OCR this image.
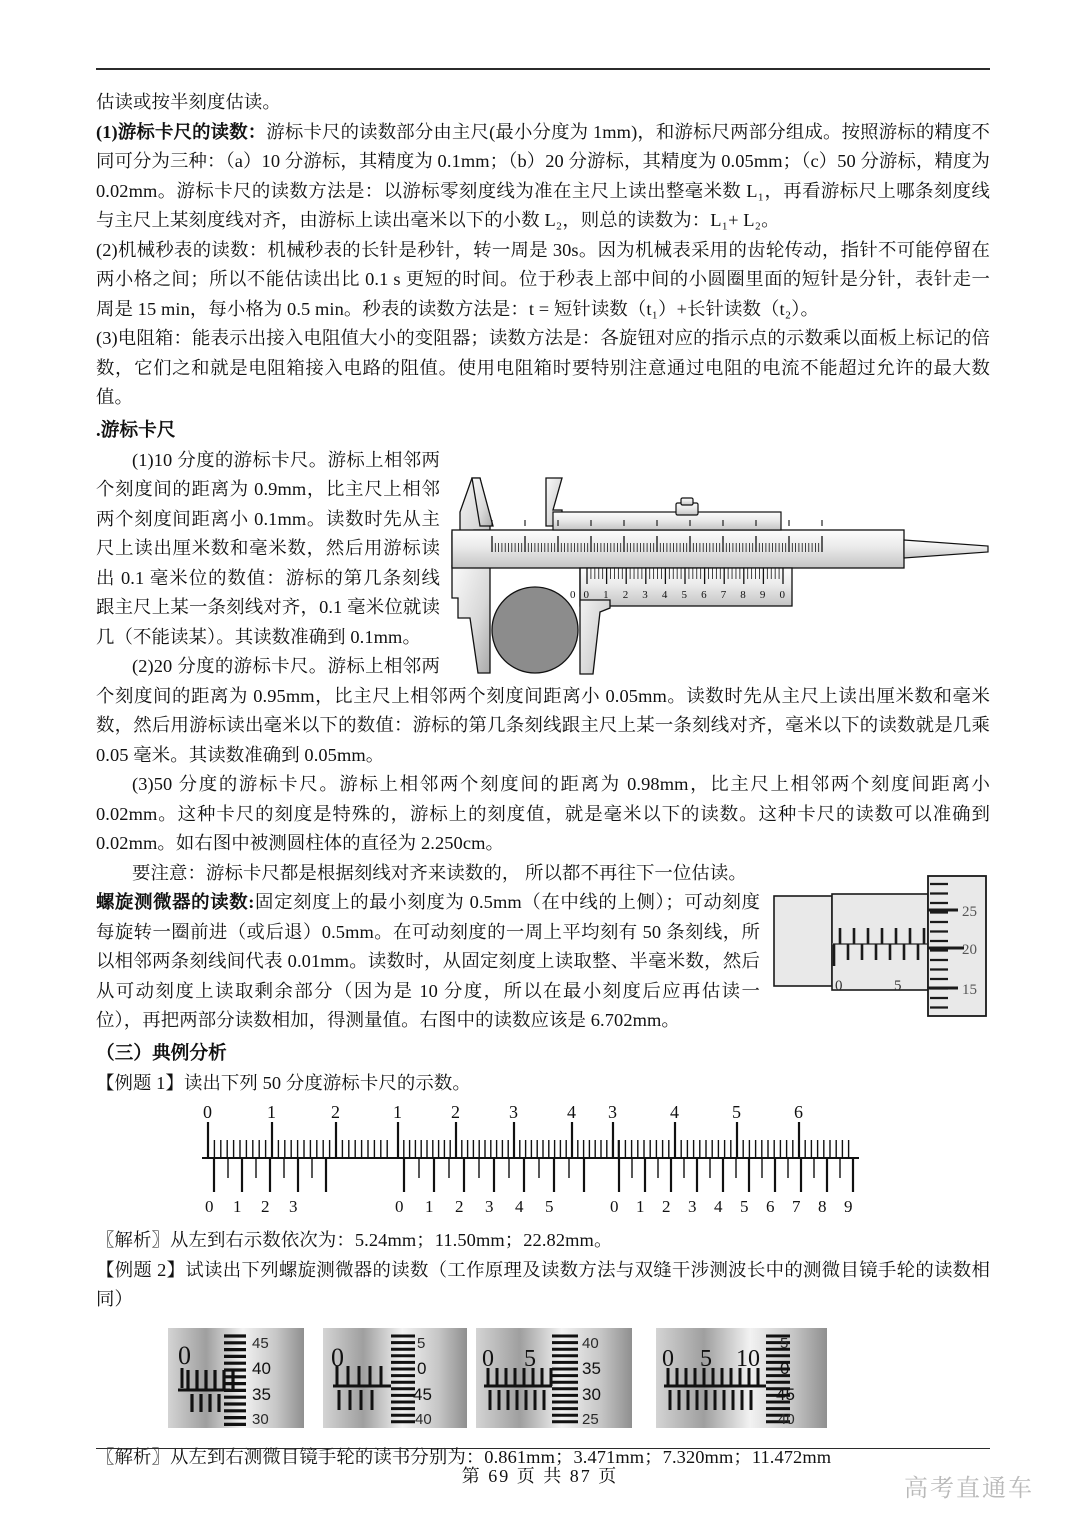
估读或按半刻度估读。

(1)游标卡尺的读数：游标卡尺的读数部分由主尺(最小分度为 1mm)，和游标尺两部分组成。按照游标的精度不同可分为三种：（a）10 分游标，其精度为 0.1mm；（b）20 分游标，其精度为 0.05mm；（c）50 分游标，精度为 0.02mm。游标卡尺的读数方法是：以游标零刻度线为准在主尺上读出整毫米数 L₁，再看游标尺上哪条刻度线与主尺上某刻度线对齐，由游标上读出毫米以下的小数 L₂，则总的读数为：L₁+ L₂。

(2)机械秒表的读数：机械秒表的长针是秒针，转一周是 30s。因为机械表采用的齿轮传动，指针不可能停留在两小格之间；所以不能估读出比 0.1 s 更短的时间。位于秒表上部中间的小圆圈里面的短针是分针，表针走一周是 15 min，每小格为 0.5 min。秒表的读数方法是：t = 短针读数（t₁）+长针读数（t₂）。

(3)电阻箱：能表示出接入电阻值大小的变阻器；读数方法是：各旋钮对应的指示点的示数乘以面板上标记的倍数，它们之和就是电阻箱接入电路的阻值。使用电阻箱时要特别注意通过电阻的电流不能超过允许的最大数值。

.游标卡尺

0 1 2 3 4 5 6 7 8 9 0
0

(1)10 分度的游标卡尺。游标上相邻两个刻度间的距离为 0.9mm，比主尺上相邻两个刻度间距离小 0.1mm。读数时先从主尺上读出厘米数和毫米数，然后用游标读出 0.1 毫米位的数值：游标的第几条刻线跟主尺上某一条刻线对齐，0.1 毫米位就读几（不能读某）。其读数准确到 0.1mm。

(2)20 分度的游标卡尺。游标上相邻两个刻度间的距离为 0.95mm，比主尺上相邻两个刻度间距离小 0.05mm。读数时先从主尺上读出厘米数和毫米数，然后用游标读出毫米以下的数值：游标的第几条刻线跟主尺上某一条刻线对齐，毫米以下的读数就是几乘 0.05 毫米。其读数准确到 0.05mm。

(3)50 分度的游标卡尺。游标上相邻两个刻度间的距离为 0.98mm，比主尺上相邻两个刻度间距离小 0.02mm。这种卡尺的刻度是特殊的，游标上的刻度值，就是毫米以下的读数。这种卡尺的读数可以准确到 0.02mm。如右图中被测圆柱体的直径为 2.250cm。

要注意：游标卡尺都是根据刻线对齐来读数的， 所以都不再往下一位估读。

0	5
25
20
15

螺旋测微器的读数:固定刻度上的最小刻度为 0.5mm（在中线的上侧）；可动刻度每旋转一圈前进（或后退）0.5mm。在可动刻度的一周上平均刻有 50 条刻线，所以相邻两条刻线间代表 0.01mm。读数时，从固定刻度上读取整、半毫米数，然后从可动刻度上读取剩余部分（因为是 10 分度，所以在最小刻度后应再估读一位），再把两部分读数相加，得测量值。右图中的读数应该是 6.702mm。

（三）典例分析

【例题 1】读出下列 50 分度游标卡尺的示数。

0	1	2
0 1 2 3
1	2	3	4
0 1 2 3 4 5
3	4	5	6
0 1 2 3 4 5 6 7 8 9

〖解析〗从左到右示数依次为：5.24mm；11.50mm；22.82mm。

【例题 2】试读出下列螺旋测微器的读数（工作原理及读数方法与双缝干涉测波长中的测微目镜手轮的读数相同）

0	45
40
35
30
0	5
0
45
40
0 5
40
35
30
25
0 5 10
5
0
45
40

〖解析〗从左到右测微目镜手轮的读书分别为：0.861mm；3.471mm；7.320mm；11.472mm

第 69 页 共 87 页	高考直通车
